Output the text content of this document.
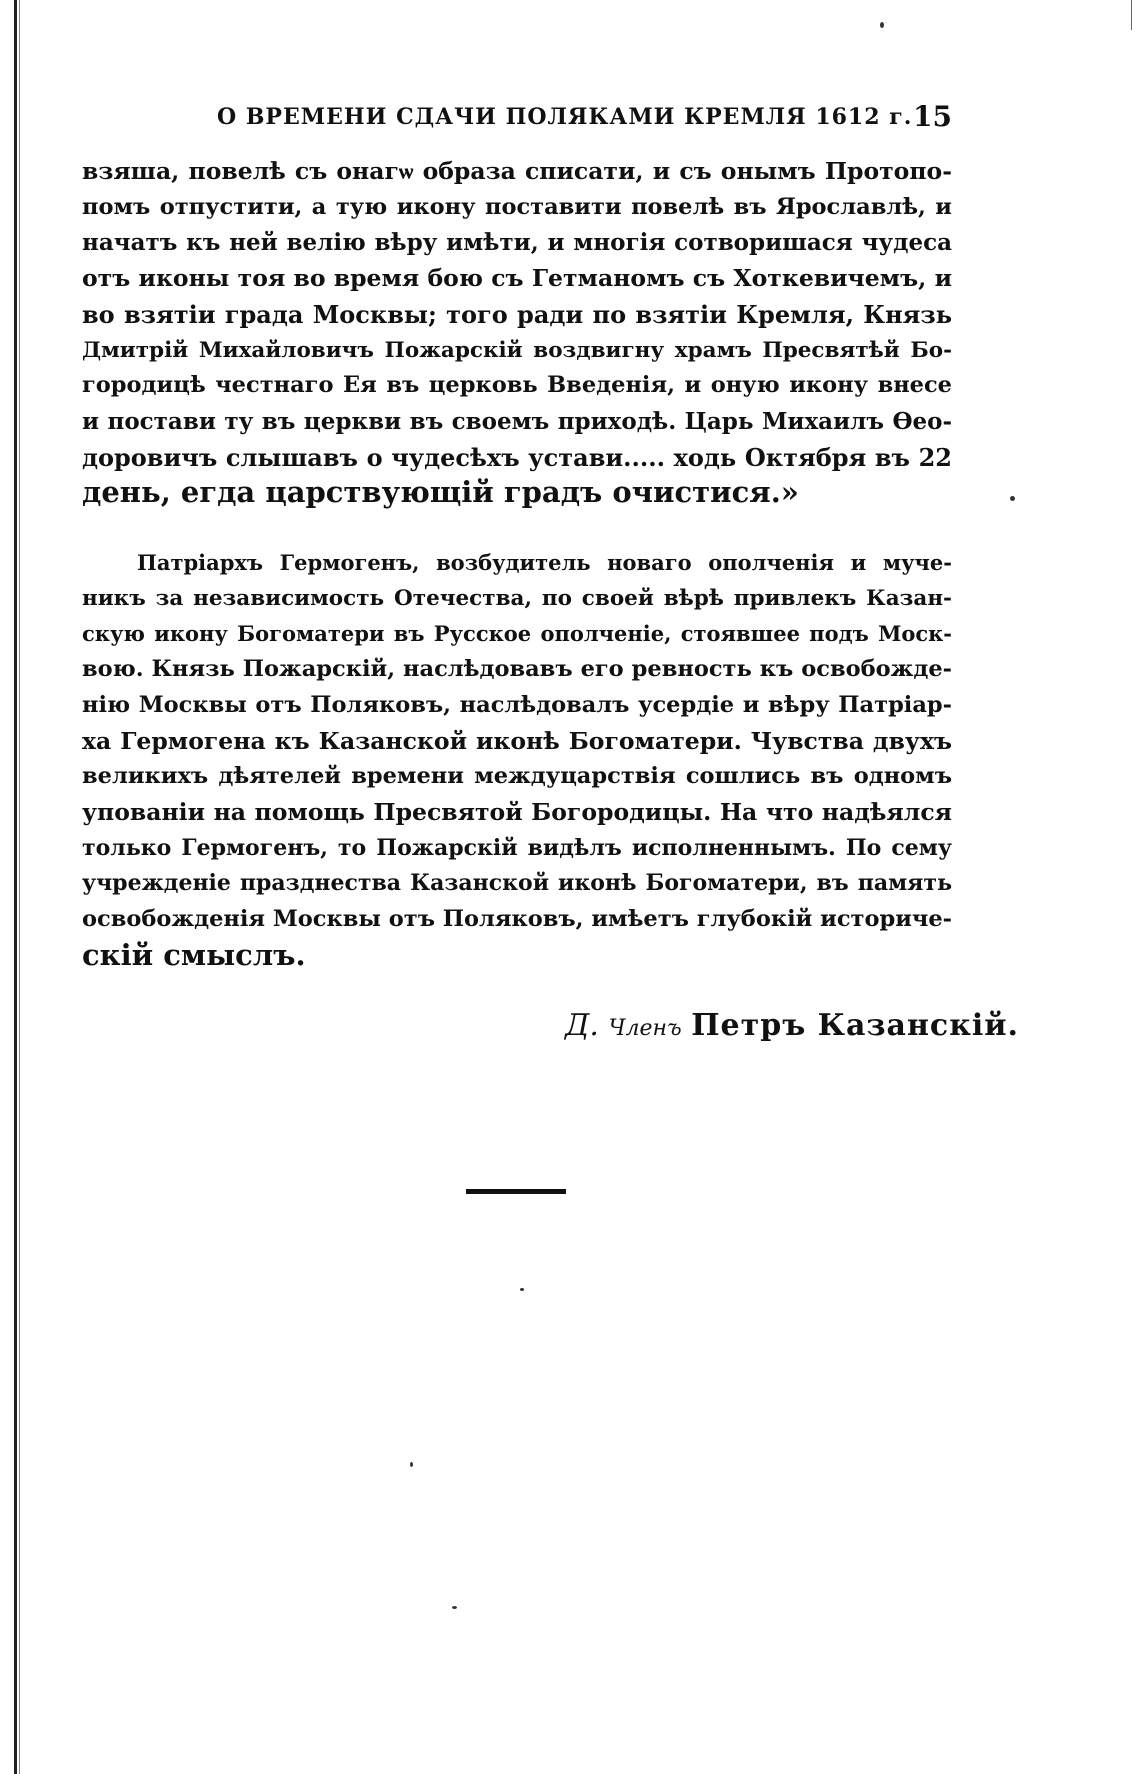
О ВРЕМЕНИ СДАЧИ ПОЛЯКАМИ КРЕМЛЯ 1612 г. 15

взяша, повелѣ съ онагѡ образа списати, и съ онымъ Протопо-
помъ отпустити, а тую икону поставити повелѣ въ Ярославлѣ, и
начатъ къ ней велію вѣру имѣти, и многія сотворишася чудеса
отъ иконы тоя во время бою съ Гетманомъ съ Хоткевичемъ, и
во взятіи града Москвы; того ради по взятіи Кремля, Князь
Дмитрій Михайловичъ Пожарскій воздвигну храмъ Пресвятѣй Бо-
городицѣ честнаго Ея въ церковь Введенія, и оную икону внесе
и постави ту въ церкви въ своемъ приходѣ. Царь Михаилъ Ѳео-
доровичъ слышавъ о чудесѣхъ устави..... ходь Октября въ 22
день, егда царствующій градъ очистися.»

Патріархъ Гермогенъ, возбудитель новаго ополченія и муче-
никъ за независимость Отечества, по своей вѣрѣ привлекъ Казан-
скую икону Богоматери въ Русское ополченіе, стоявшее подъ Моск-
вою. Князь Пожарскій, наслѣдовавъ его ревность къ освобожде-
нію Москвы отъ Поляковъ, наслѣдовалъ усердіе и вѣру Патріар-
ха Гермогена къ Казанской иконѣ Богоматери. Чувства двухъ
великихъ дѣятелей времени междуцарствія сошлись въ одномъ
упованіи на помощь Пресвятой Богородицы. На что надѣялся
только Гермогенъ, то Пожарскій видѣлъ исполненнымъ. По сему
учрежденіе празднества Казанской иконѣ Богоматери, въ память
освобожденія Москвы отъ Поляковъ, имѣетъ глубокій историче-
скій смыслъ.

Д. Членъ Петръ Казанскій.
